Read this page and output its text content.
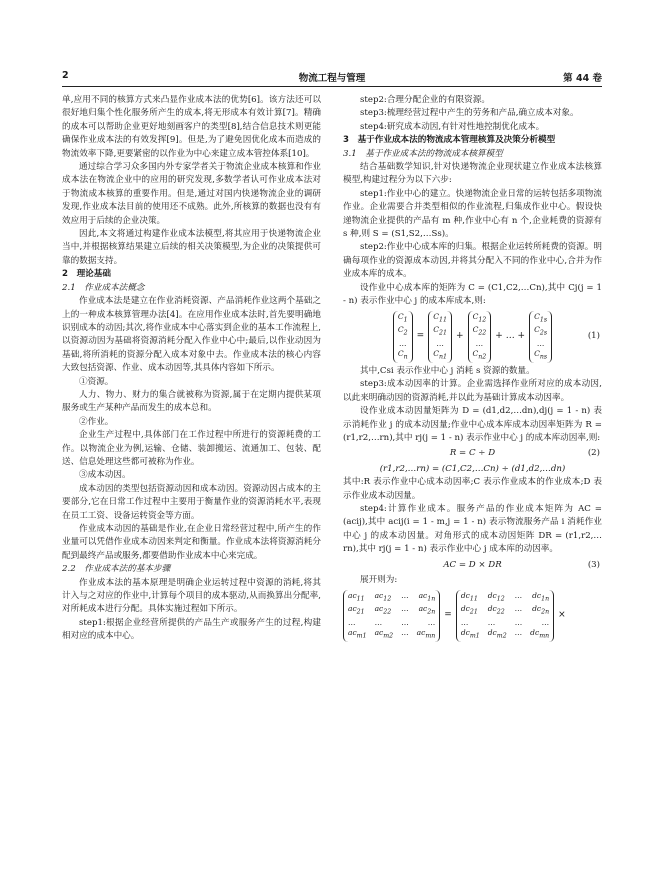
2	物流工程与管理	第 44 卷

单,应用不同的核算方式来凸显作业成本法的优势[6]。该方法还可以很好地归集个性化服务所产生的成本,将无形成本有效计算[7]。精确的成本可以帮助企业更好地刻画客户的类型[8],结合信息技术则更能确保作业成本法的有效发挥[9]。但是,为了避免因优化成本而造成的物流效率下降,更要紧密的以作业为中心来建立成本管控体系[10]。

通过综合学习众多国内外专家学者关于物流企业成本核算和作业成本法在物流企业中的应用的研究发现,多数学者认可作业成本法对于物流成本核算的重要作用。但是,通过对国内快递物流企业的调研发现,作业成本法目前的使用还不成熟。此外,所核算的数据也没有有效应用于后续的企业决策。

因此,本文将通过构建作业成本法模型,将其应用于快递物流企业当中,并根据核算结果建立后续的相关决策模型,为企业的决策提供可靠的数据支持。

2　理论基础

2.1　作业成本法概念

作业成本法是建立在作业消耗资源、产品消耗作业这两个基础之上的一种成本核算管理办法[4]。在应用作业成本法时,首先要明确地识别成本的动因;其次,将作业成本中心落实到企业的基本工作流程上,以资源动因为基础将资源消耗分配入作业中心中;最后,以作业动因为基础,将所消耗的资源分配入成本对象中去。作业成本法的核心内容大致包括资源、作业、成本动因等,其具体内容如下所示。

①资源。

人力、物力、财力的集合就被称为资源,属于在定期内提供某项服务或生产某种产品而发生的成本总和。

②作业。

企业生产过程中,具体部门在工作过程中所进行的资源耗费的工作。以物流企业为例,运输、仓储、装卸搬运、流通加工、包装、配送、信息处理这些都可被称为作业。

③成本动因。

成本动因的类型包括资源动因和成本动因。资源动因占成本的主要部分,它在日常工作过程中主要用于衡量作业的资源消耗水平,表现在员工工资、设备运转资金等方面。

作业成本动因的基础是作业,在企业日常经营过程中,所产生的作业量可以凭借作业成本动因来判定和衡量。作业成本法将资源消耗分配到最终产品或服务,都要借助作业成本中心来完成。

2.2　作业成本法的基本步骤

作业成本法的基本原理是明确企业运转过程中资源的消耗,将其计入与之对应的作业中,计算每个项目的成本驱动,从而换算出分配率,对所耗成本进行分配。具体实施过程如下所示。

step1:根据企业经营所提供的产品生产或服务产生的过程,构建相对应的成本中心。

step2:合理分配企业的有限资源。

step3:梳理经营过程中产生的劳务和产品,确立成本对象。

step4:研究成本动因,有针对性地控制优化成本。

3　基于作业成本法的物流成本管理核算及决策分析模型

3.1　基于作业成本法的物流成本核算模型

结合基础数学知识,针对快递物流企业现状建立作业成本法核算模型,构建过程分为以下六步:

step1:作业中心的建立。快递物流企业日常的运转包括多项物流作业。企业需要合并类型相似的作业流程,归集成作业中心。假设快递物流企业提供的产品有 m 种,作业中心有 n 个,企业耗费的资源有 s 种,则 S = (S1,S2,…Ss)。

step2:作业中心成本库的归集。根据企业运转所耗费的资源。明确每项作业的资源成本动因,并将其分配入不同的作业中心,合并为作业成本库的成本。

设作业中心成本库的矩阵为 C = (C1,C2,…Cn),其中 Cj(j = 1 - n) 表示作业中心 j 的成本库成本,则:

$C_1$
$C_2$
…
$C_n$
=
$C_{11}$
$C_{21}$
…
$C_{n1}$
+
$C_{12}$
$C_{22}$
…
$C_{n2}$
+ … +
$C_{1s}$
$C_{2s}$
…
$C_{ns}$
(1)

其中,Csi 表示作业中心 j 消耗 s 资源的数量。

step3:成本动因率的计算。企业需选择作业所对应的成本动因,以此来明确动因的资源消耗,并以此为基础计算成本动因率。

设作业成本动因量矩阵为 D = (d1,d2,…dn),dj(j = 1 - n) 表示消耗作业 j 的成本动因量;作业中心成本库成本动因率矩阵为 R = (r1,r2,…rn),其中 rj(j = 1 - n) 表示作业中心 j 的成本库动因率,则:

R = C ÷ D	(2)

(r1,r2,…rn) = (C1,C2,…Cn) ÷ (d1,d2,…dn)

其中:R 表示作业中心成本动因率;C 表示作业成本的作业成本;D 表示作业成本动因量。

step4:计算作业成本。服务产品的作业成本矩阵为 AC = (acij),其中 acij(i = 1 - m,j = 1 - n) 表示物流服务产品 i 消耗作业中心 j 的成本动因量。对角形式的成本动因矩阵 DR = (r1,r2,…rn),其中 rj(j = 1 - n) 表示作业中心 j 成本库的动因率。

AC = D × DR	(3)

展开则为:

$ac_{11}$ $ac_{12}$ … $ac_{1n}$
$ac_{21}$ $ac_{22}$ … $ac_{2n}$
…	…	…	…
$ac_{m1}$ $ac_{m2}$ … $ac_{mn}$
=
$dc_{11}$ $dc_{12}$ … $dc_{1n}$
$dc_{21}$ $dc_{22}$ … $dc_{2n}$
…	…	…	…
$dc_{m1}$ $dc_{m2}$ … $dc_{mn}$
×
